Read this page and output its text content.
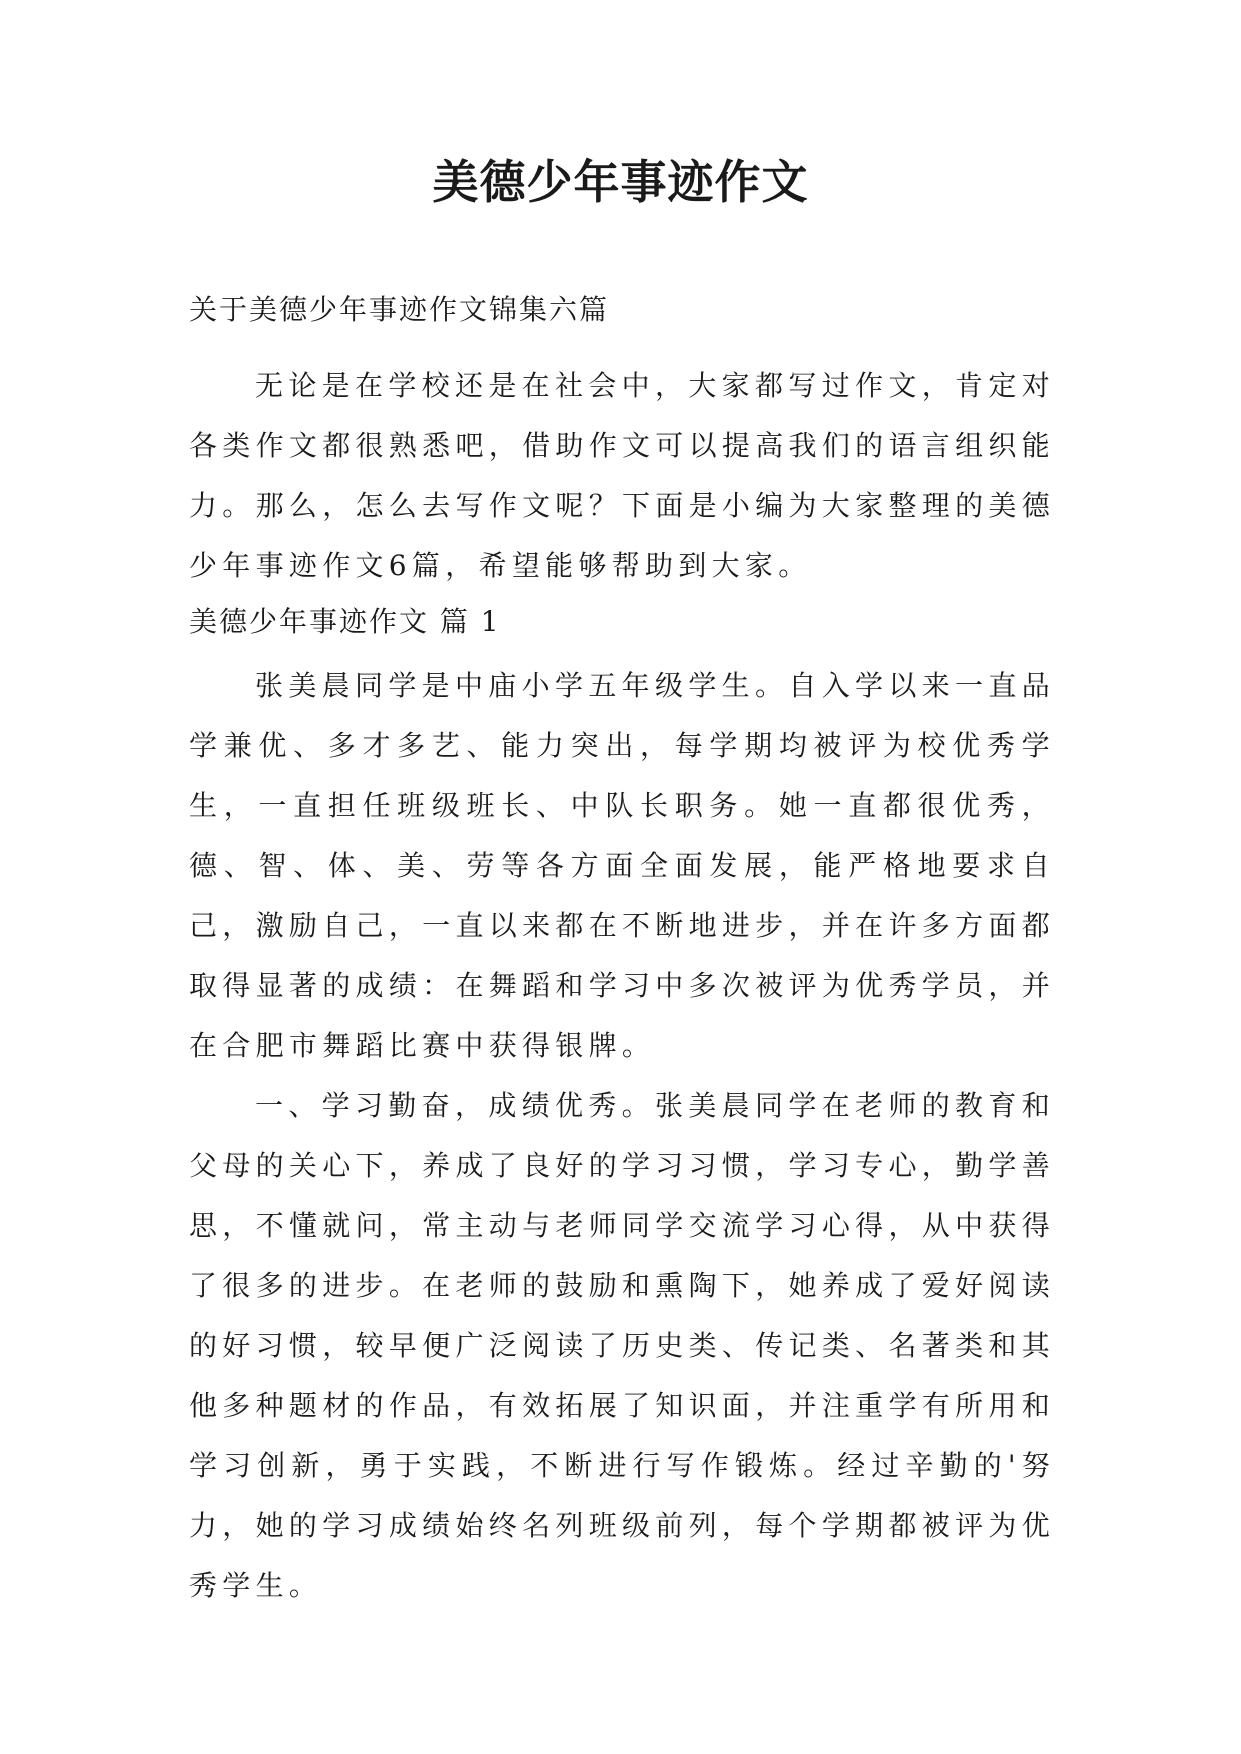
美德少年事迹作文

关于美德少年事迹作文锦集六篇

无论是在学校还是在社会中，大家都写过作文，肯定对各类作文都很熟悉吧，借助作文可以提高我们的语言组织能力。那么，怎么去写作文呢？下面是小编为大家整理的美德少年事迹作文6篇，希望能够帮助到大家。

美德少年事迹作文 篇 1

张美晨同学是中庙小学五年级学生。自入学以来一直品学兼优、多才多艺、能力突出，每学期均被评为校优秀学生，一直担任班级班长、中队长职务。她一直都很优秀，德、智、体、美、劳等各方面全面发展，能严格地要求自己，激励自己，一直以来都在不断地进步，并在许多方面都取得显著的成绩：在舞蹈和学习中多次被评为优秀学员，并在合肥市舞蹈比赛中获得银牌。

一、学习勤奋，成绩优秀。张美晨同学在老师的教育和父母的关心下，养成了良好的学习习惯，学习专心，勤学善思，不懂就问，常主动与老师同学交流学习心得，从中获得了很多的进步。在老师的鼓励和熏陶下，她养成了爱好阅读的好习惯，较早便广泛阅读了历史类、传记类、名著类和其他多种题材的作品，有效拓展了知识面，并注重学有所用和学习创新，勇于实践，不断进行写作锻炼。经过辛勤的'努力，她的学习成绩始终名列班级前列，每个学期都被评为优秀学生。
